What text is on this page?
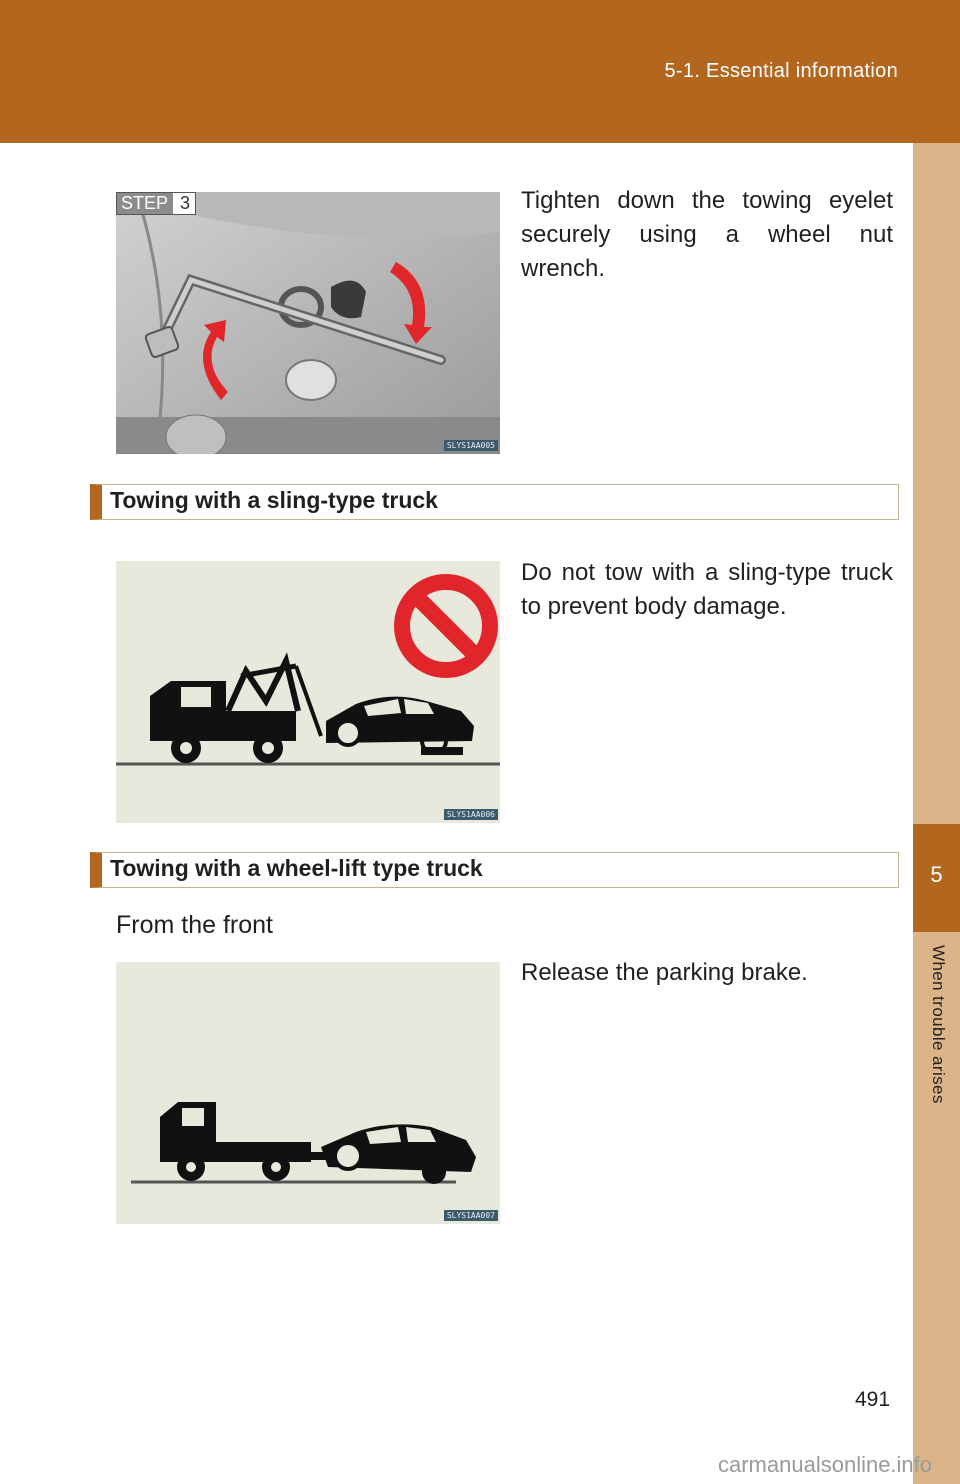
5-1. Essential information
5
When trouble arises
SLYS1AA005
STEP 3	Tighten down the towing eyelet securely using a wheel nut wrench.
Towing with a sling-type truck
SLYS1AA006
Do not tow with a sling-type truck to prevent body damage.
Towing with a wheel-lift type truck
From the front
SLYS1AA007
Release the parking brake.
491
carmanualsonline.info
